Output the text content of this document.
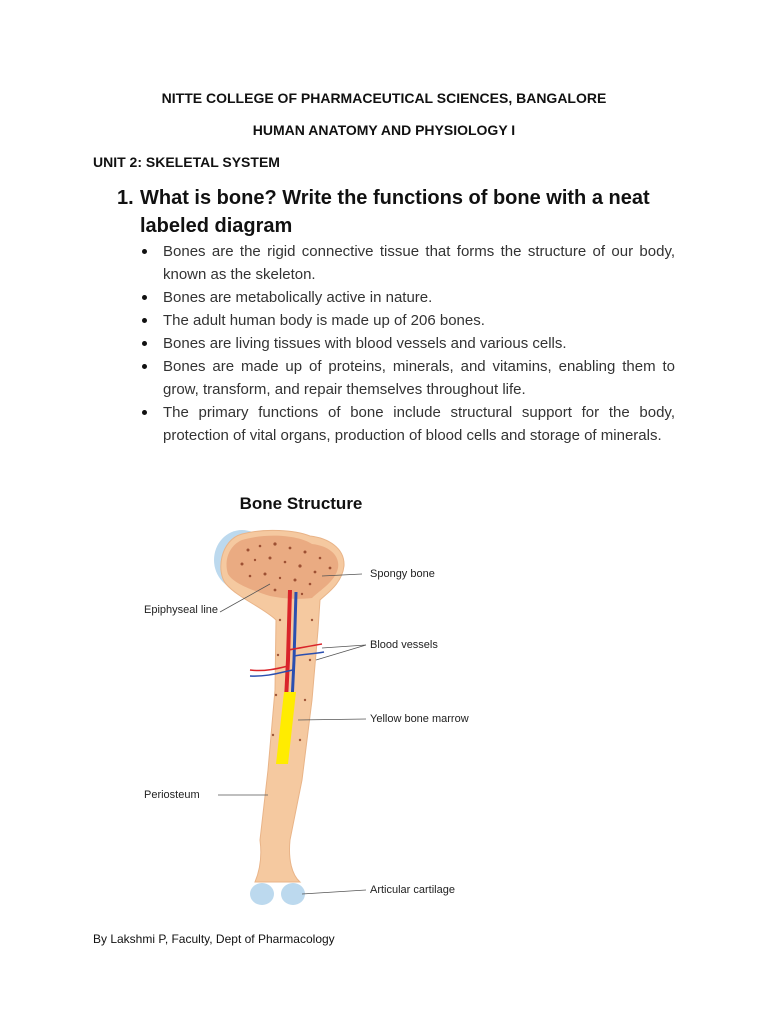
NITTE COLLEGE OF PHARMACEUTICAL SCIENCES, BANGALORE
HUMAN ANATOMY AND PHYSIOLOGY I
UNIT 2: SKELETAL SYSTEM
1. What is bone? Write the functions of bone with a neat labeled diagram
Bones are the rigid connective tissue that forms the structure of our body, known as the skeleton.
Bones are metabolically active in nature.
The adult human body is made up of 206 bones.
Bones are living tissues with blood vessels and various cells.
Bones are made up of proteins, minerals, and vitamins, enabling them to grow, transform, and repair themselves throughout life.
The primary functions of bone include structural support for the body, protection of vital organs, production of blood cells and storage of minerals.
Bone Structure
Spongy bone
Epiphyseal line
Blood vessels
Yellow bone marrow
Periosteum
Articular cartilage
By Lakshmi P, Faculty, Dept of Pharmacology
